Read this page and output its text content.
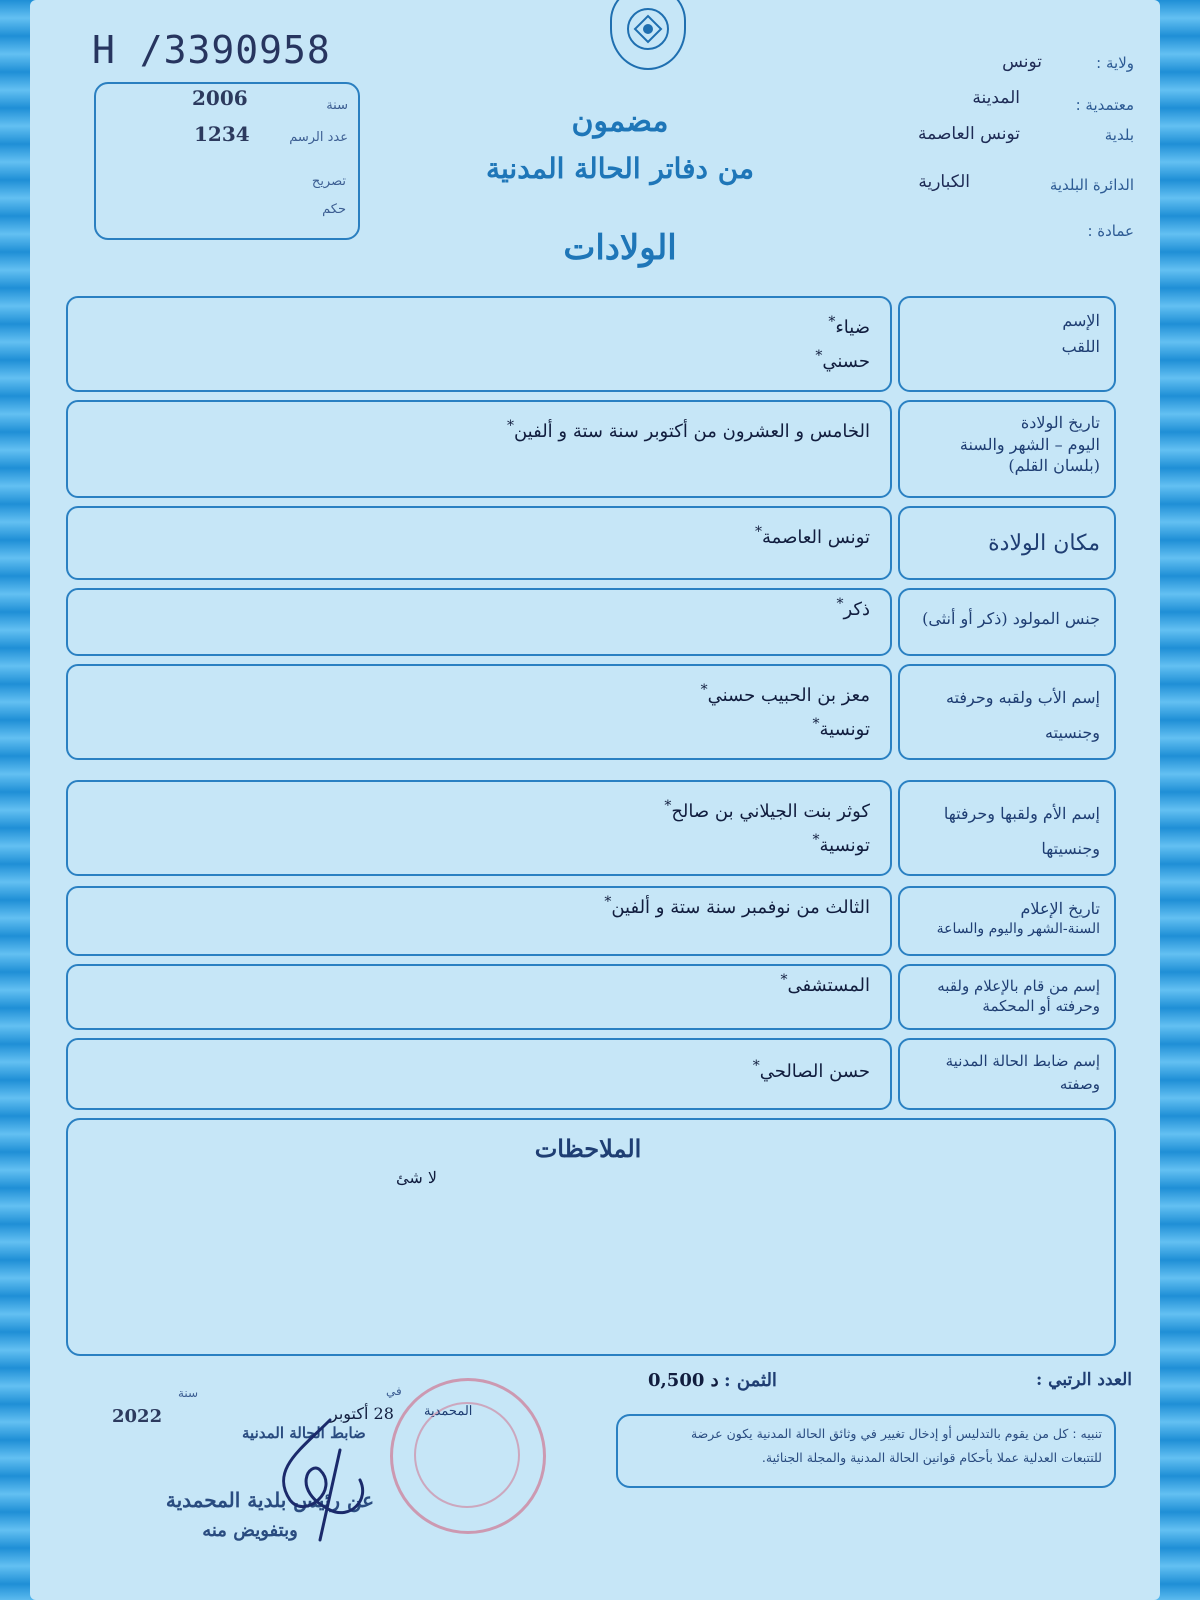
H /3390958
2006	سنة
1234	عدد الرسم
تصريح
حكم
مضمون
من دفاتر الحالة المدنية
الولادات
ولاية :
تونس
معتمدية :
المدينة
بلدية
تونس العاصمة
الدائرة البلدية
الكبارية
عمادة :
الإسم
اللقب
ضياء *
حسني *
تاريخ الولادة
اليوم – الشهر والسنة
(بلسان القلم)
الخامس و العشرون من أكتوبر سنة ستة و ألفين *
مكان الولادة
تونس العاصمة *
جنس المولود (ذكر أو أنثى)
ذكر *
إسم الأب ولقبه وحرفته
وجنسيته
معز بن الحبيب حسني *
تونسية *
إسم الأم ولقبها وحرفتها
وجنسيتها
كوثر بنت الجيلاني بن صالح *
تونسية *
تاريخ الإعلام
السنة-الشهر واليوم والساعة
الثالث من نوفمبر سنة ستة و ألفين *
إسم من قام بالإعلام ولقبه
وحرفته أو المحكمة
المستشفى *
إسم ضابط الحالة المدنية
وصفته
حسن الصالحي *
الملاحظات
لا شئ
العدد الرتبي :
الثمن :
0,500 د
تنبيه : كل من يقوم بالتدليس أو إدخال تغيير في وثائق الحالة المدنية يكون عرضة
للتتبعات العدلية عملا بأحكام قوانين الحالة المدنية والمجلة الجنائية.
سنة
2022
في
28 أكتوبر المحمدية
ضابط الحالة المدنية
عن رئيس بلدية المحمدية
وبتفويض منه
